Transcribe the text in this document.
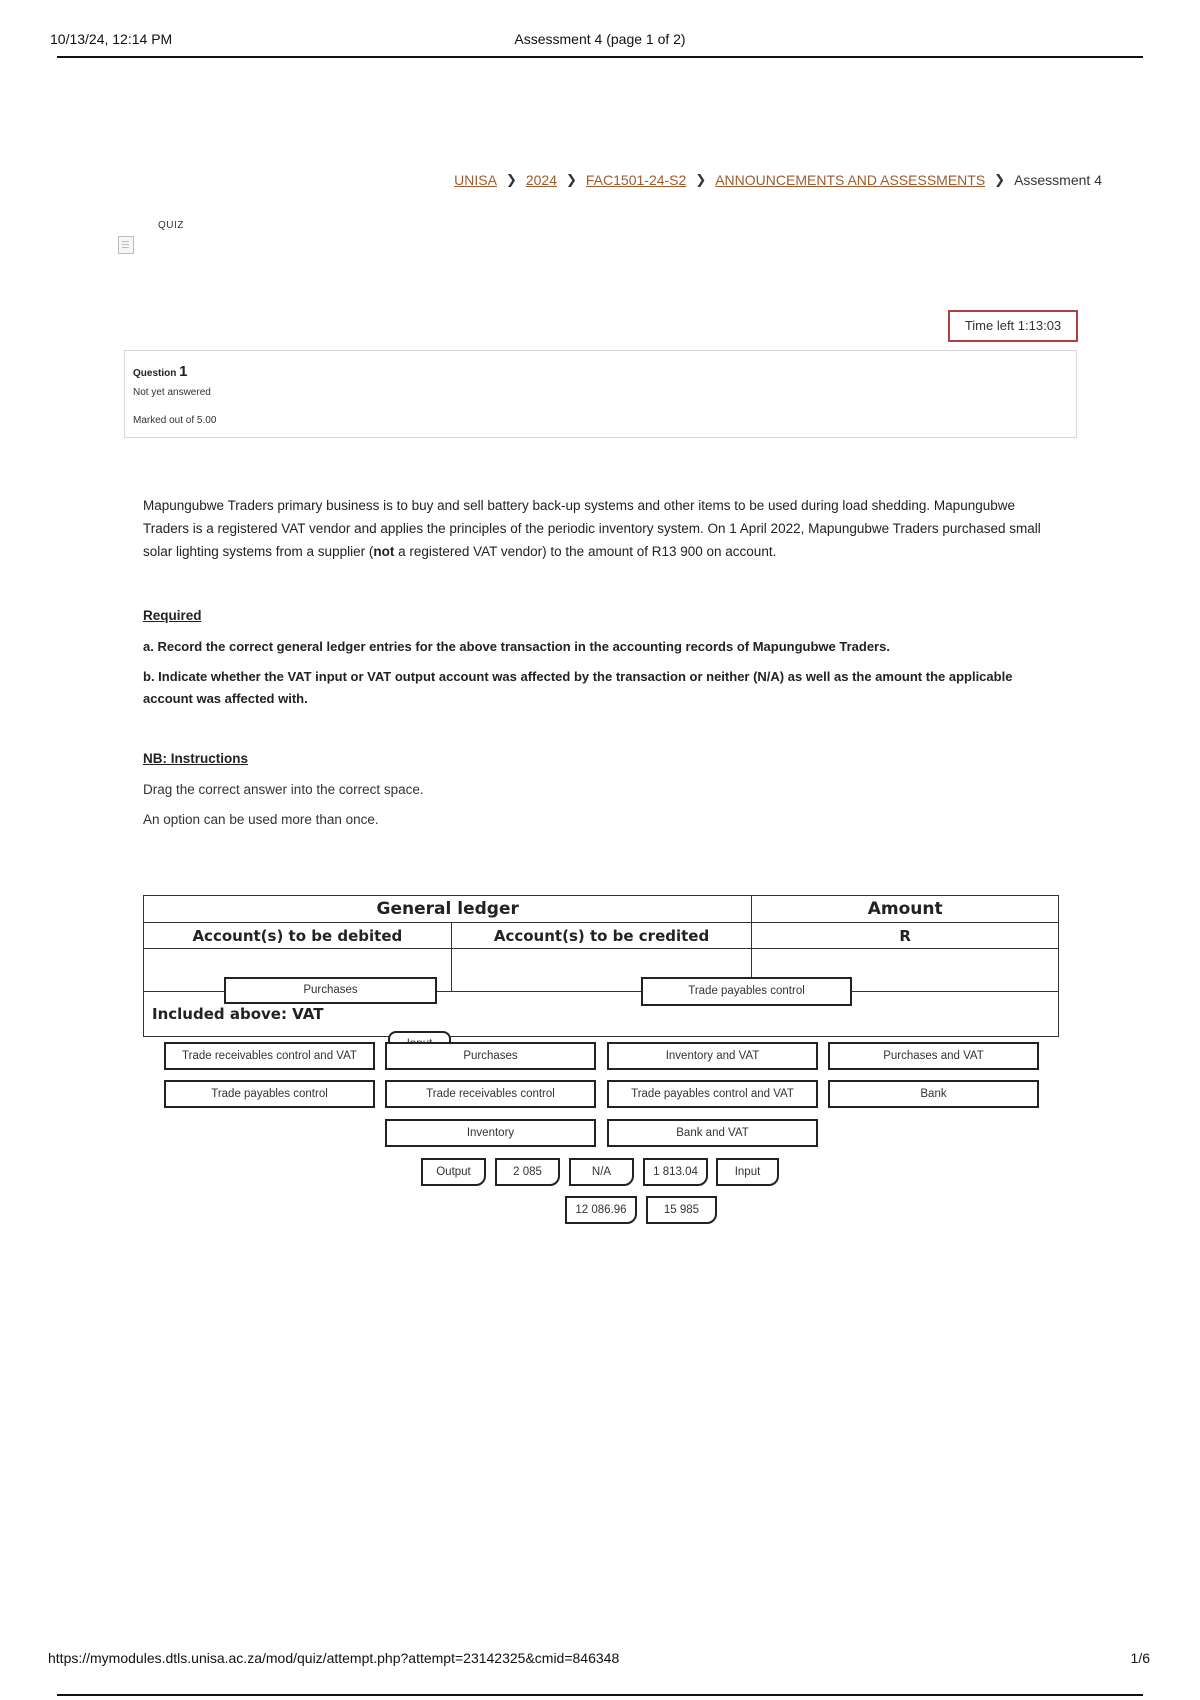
10/13/24, 12:14 PM	Assessment 4 (page 1 of 2)
UNISA ❯ 2024 ❯ FAC1501-24-S2 ❯ ANNOUNCEMENTS AND ASSESSMENTS ❯ Assessment 4
QUIZ
Time left 1:13:03
Question 1
Not yet answered
Marked out of 5.00
Mapungubwe Traders primary business is to buy and sell battery back-up systems and other items to be used during load shedding. Mapungubwe Traders is a registered VAT vendor and applies the principles of the periodic inventory system. On 1 April 2022, Mapungubwe Traders purchased small solar lighting systems from a supplier (not a registered VAT vendor) to the amount of R13 900 on account.
Required
a. Record the correct general ledger entries for the above transaction in the accounting records of Mapungubwe Traders.
b. Indicate whether the VAT input or VAT output account was affected by the transaction or neither (N/A) as well as the amount the applicable account was affected with.
NB: Instructions
Drag the correct answer into the correct space.
An option can be used more than once.
General ledger		Amount
Account(s) to be debited	Account(s) to be credited	R

Included above: VAT		
Purchases	Trade payables control
Trade receivables control and VAT	Purchases	Inventory and VAT	Purchases and VAT
Trade payables control	Trade receivables control	Trade payables control and VAT	Bank
Inventory	Bank and VAT
Output	2 085	N/A	1 813.04	Input
12 086.96	15 985
https://mymodules.dtls.unisa.ac.za/mod/quiz/attempt.php?attempt=23142325&cmid=846348	1/6
